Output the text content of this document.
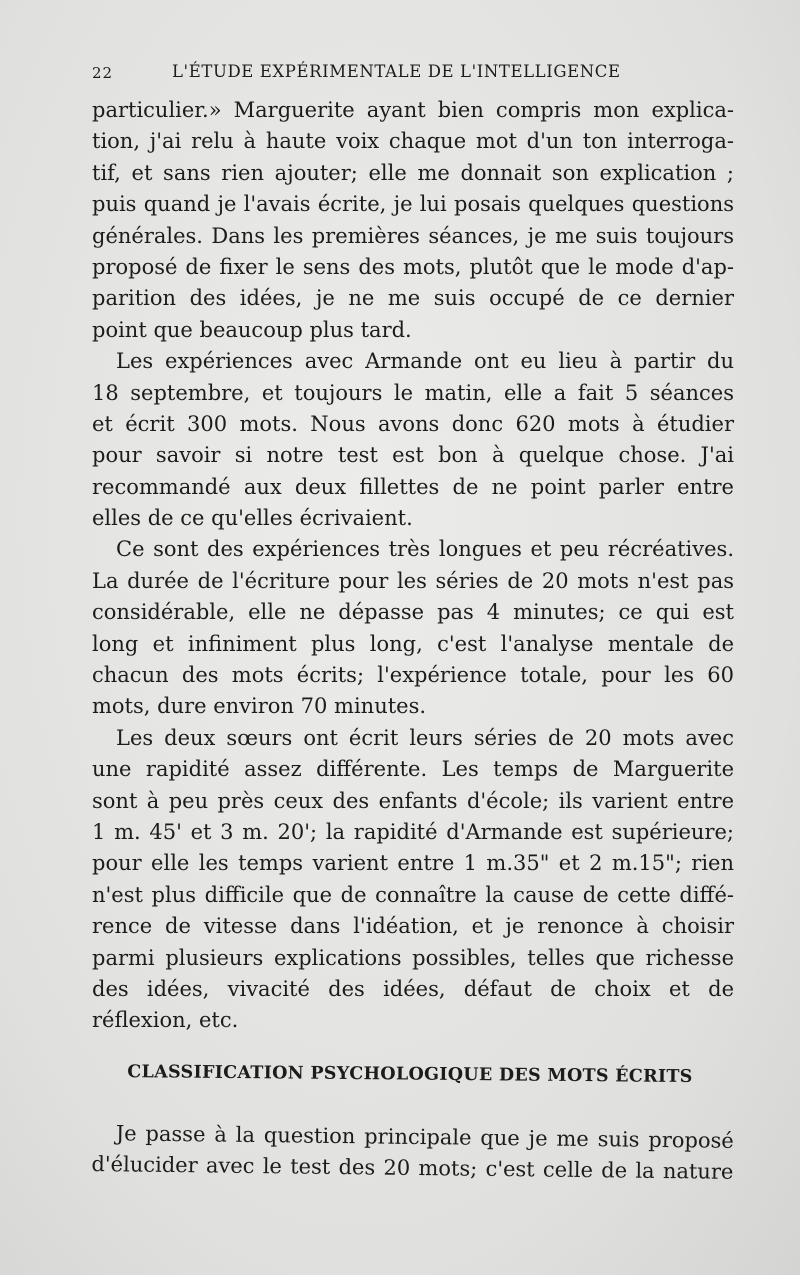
22	L'ÉTUDE EXPÉRIMENTALE DE L'INTELLIGENCE

particulier.» Marguerite ayant bien compris mon explica-
tion, j'ai relu à haute voix chaque mot d'un ton interroga-
tif, et sans rien ajouter; elle me donnait son explication ;
puis quand je l'avais écrite, je lui posais quelques questions
générales. Dans les premières séances, je me suis toujours
proposé de fixer le sens des mots, plutôt que le mode d'ap-
parition des idées, je ne me suis occupé de ce dernier
point que beaucoup plus tard.

Les expériences avec Armande ont eu lieu à partir du
18 septembre, et toujours le matin, elle a fait 5 séances
et écrit 300 mots. Nous avons donc 620 mots à étudier
pour savoir si notre test est bon à quelque chose. J'ai
recommandé aux deux fillettes de ne point parler entre
elles de ce qu'elles écrivaient.

Ce sont des expériences très longues et peu récréatives.
La durée de l'écriture pour les séries de 20 mots n'est pas
considérable, elle ne dépasse pas 4 minutes; ce qui est
long et infiniment plus long, c'est l'analyse mentale de
chacun des mots écrits; l'expérience totale, pour les 60
mots, dure environ 70 minutes.

Les deux sœurs ont écrit leurs séries de 20 mots avec
une rapidité assez différente. Les temps de Marguerite
sont à peu près ceux des enfants d'école; ils varient entre
1 m. 45' et 3 m. 20'; la rapidité d'Armande est supérieure;
pour elle les temps varient entre 1 m.35" et 2 m.15"; rien
n'est plus difficile que de connaître la cause de cette diffé-
rence de vitesse dans l'idéation, et je renonce à choisir
parmi plusieurs explications possibles, telles que richesse
des idées, vivacité des idées, défaut de choix et de
réflexion, etc.

CLASSIFICATION PSYCHOLOGIQUE DES MOTS ÉCRITS
Je passe à la question principale que je me suis proposé
d'élucider avec le test des 20 mots; c'est celle de la nature
